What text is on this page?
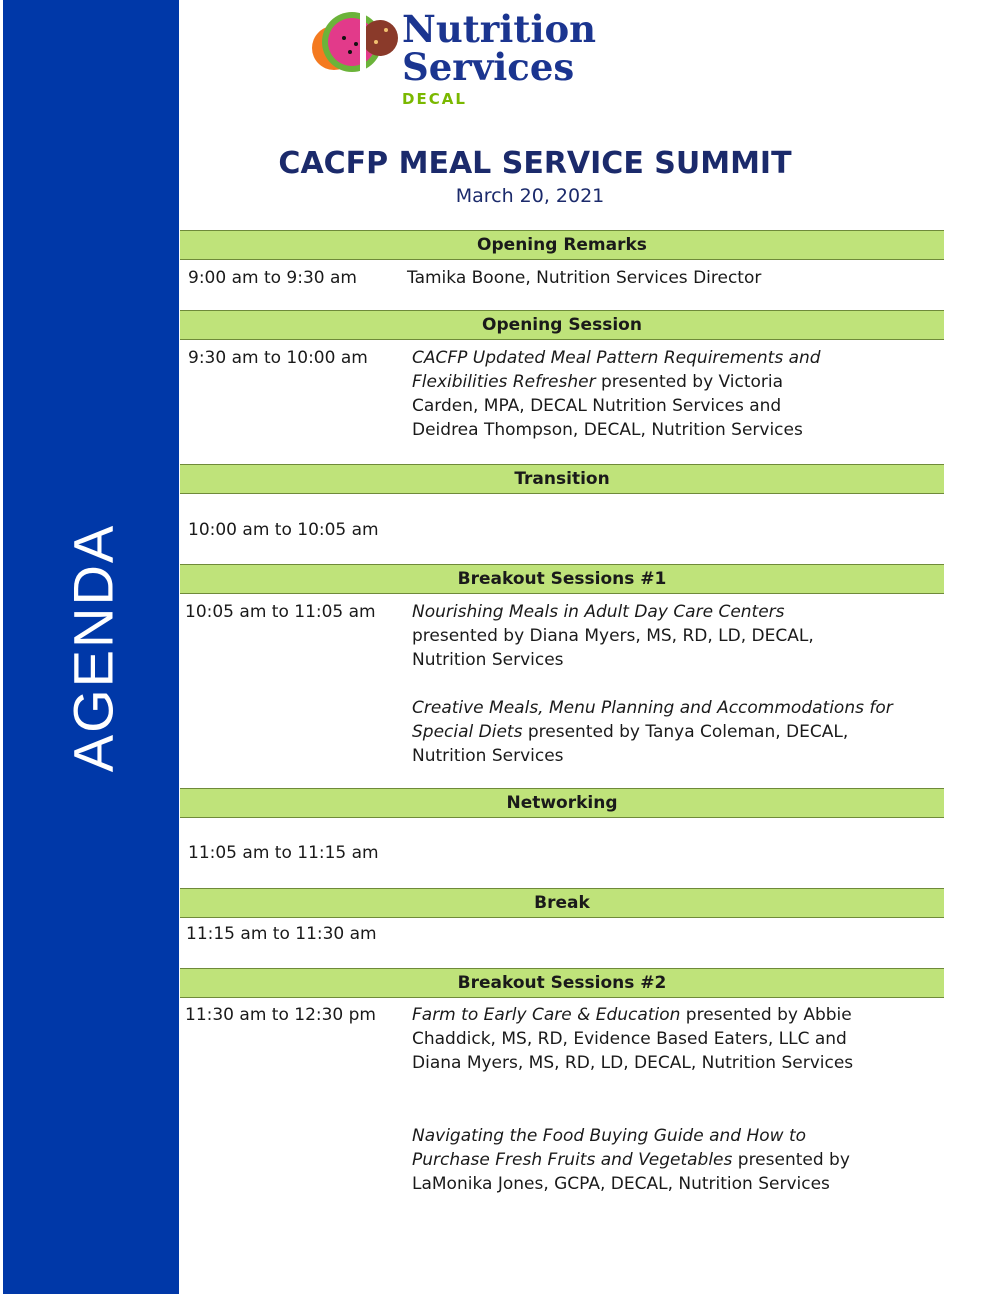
AGENDA
Nutrition
Services
DECAL
CACFP MEAL SERVICE SUMMIT
March 20, 2021
Opening Remarks
9:00 am to 9:30 am	Tamika Boone, Nutrition Services Director
Opening Session
9:30 am to 10:00 am	CACFP Updated Meal Pattern Requirements and Flexibilities Refresher presented by Victoria Carden, MPA, DECAL Nutrition Services and Deidrea Thompson, DECAL, Nutrition Services
Transition
10:00 am to 10:05 am
Breakout Sessions #1
10:05 am to 11:05 am Nourishing Meals in Adult Day Care Centers
presented by Diana Myers, MS, RD, LD, DECAL, Nutrition Services
Creative Meals, Menu Planning and Accommodations for Special Diets presented by Tanya Coleman, DECAL, Nutrition Services
Networking
11:05 am to 11:15 am
Break
11:15 am to 11:30 am
Breakout Sessions #2
11:30 am to 12:30 pm Farm to Early Care & Education presented by Abbie Chaddick, MS, RD, Evidence Based Eaters, LLC and Diana Myers, MS, RD, LD, DECAL, Nutrition Services
Navigating the Food Buying Guide and How to Purchase Fresh Fruits and Vegetables presented by LaMonika Jones, GCPA, DECAL, Nutrition Services
